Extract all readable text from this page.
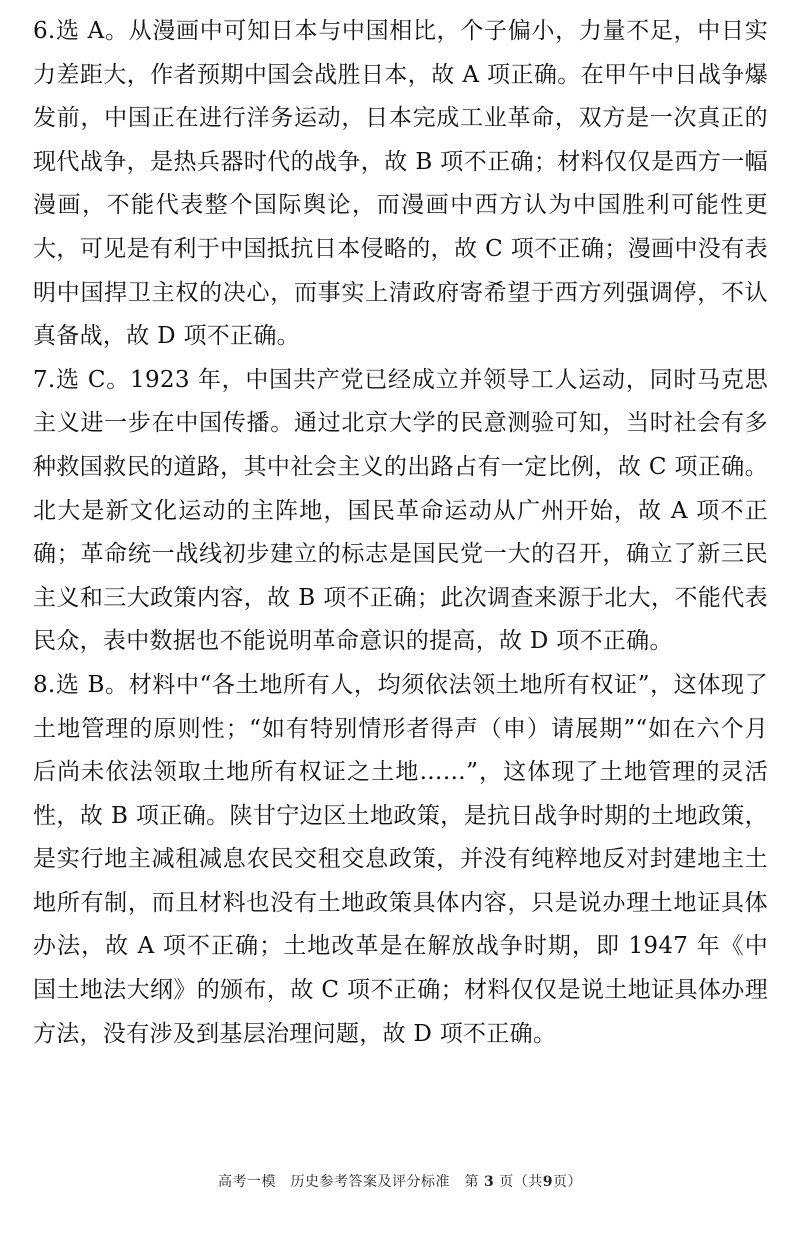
6.选 A。从漫画中可知日本与中国相比，个子偏小，力量不足，中日实力差距大，作者预期中国会战胜日本，故 A 项正确。在甲午中日战争爆发前，中国正在进行洋务运动，日本完成工业革命，双方是一次真正的现代战争，是热兵器时代的战争，故 B 项不正确；材料仅仅是西方一幅漫画，不能代表整个国际舆论，而漫画中西方认为中国胜利可能性更大，可见是有利于中国抵抗日本侵略的，故 C 项不正确；漫画中没有表明中国捍卫主权的决心，而事实上清政府寄希望于西方列强调停，不认真备战，故 D 项不正确。

7.选 C。1923 年，中国共产党已经成立并领导工人运动，同时马克思主义进一步在中国传播。通过北京大学的民意测验可知，当时社会有多种救国救民的道路，其中社会主义的出路占有一定比例，故 C 项正确。北大是新文化运动的主阵地，国民革命运动从广州开始，故 A 项不正确；革命统一战线初步建立的标志是国民党一大的召开，确立了新三民主义和三大政策内容，故 B 项不正确；此次调查来源于北大，不能代表民众，表中数据也不能说明革命意识的提高，故 D 项不正确。

8.选 B。材料中“各土地所有人，均须依法领土地所有权证”，这体现了土地管理的原则性；“如有特别情形者得声（申）请展期”“如在六个月后尚未依法领取土地所有权证之土地……”，这体现了土地管理的灵活性，故 B 项正确。陕甘宁边区土地政策，是抗日战争时期的土地政策，是实行地主减租减息农民交租交息政策，并没有纯粹地反对封建地主土地所有制，而且材料也没有土地政策具体内容，只是说办理土地证具体办法，故 A 项不正确；土地改革是在解放战争时期，即 1947 年《中国土地法大纲》的颁布，故 C 项不正确；材料仅仅是说土地证具体办理方法，没有涉及到基层治理问题，故 D 项不正确。

高考一模　历史参考答案及评分标准　第 3 页（共9页）
